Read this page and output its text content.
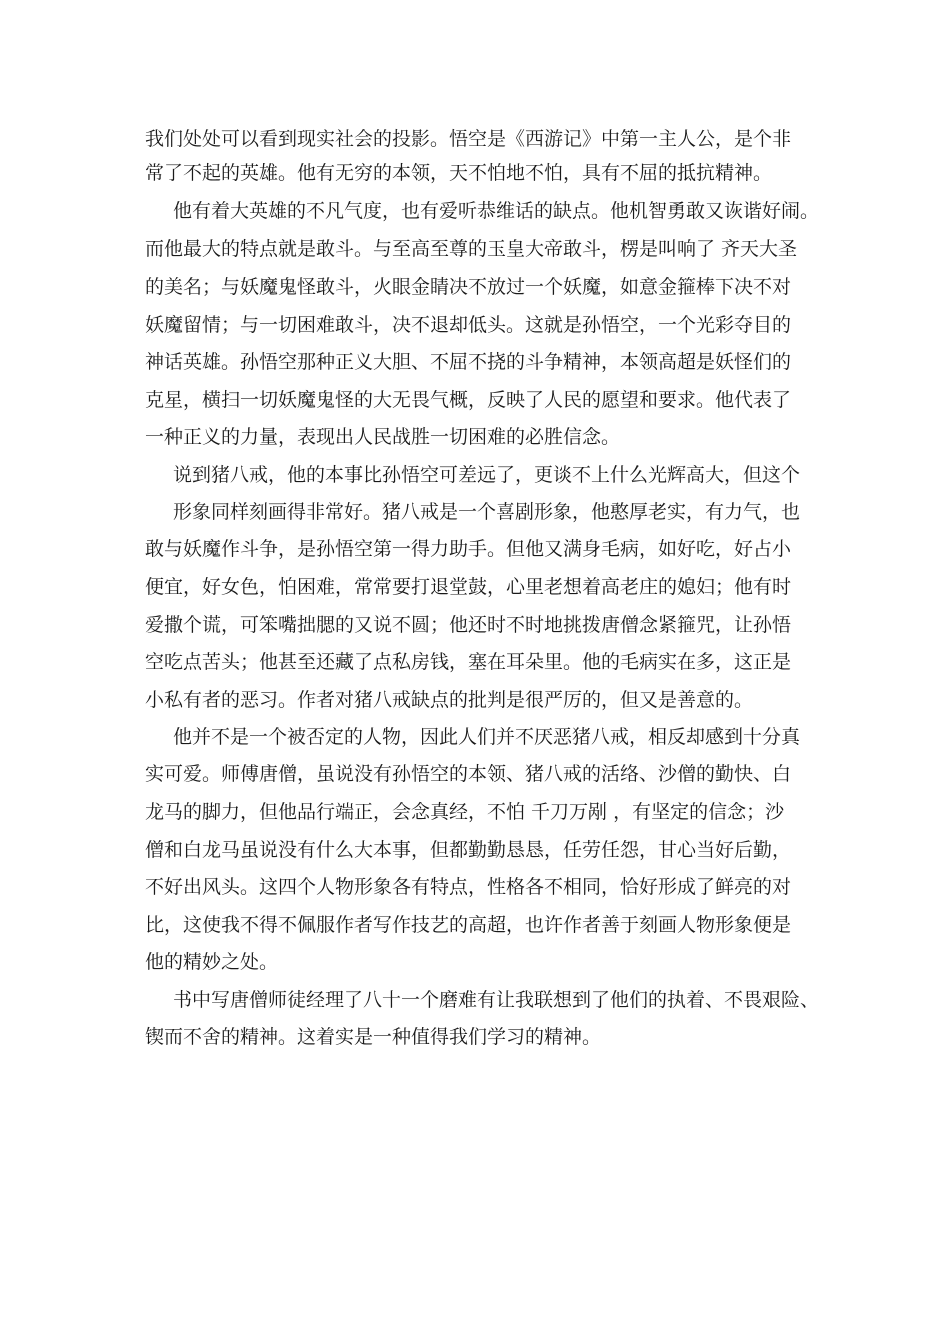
我们处处可以看到现实社会的投影。悟空是《西游记》中第一主人公，是个非
常了不起的英雄。他有无穷的本领，天不怕地不怕，具有不屈的抵抗精神。
他有着大英雄的不凡气度，也有爱听恭维话的缺点。他机智勇敢又诙谐好闹。
而他最大的特点就是敢斗。与至高至尊的玉皇大帝敢斗，楞是叫响了 齐天大圣
的美名；与妖魔鬼怪敢斗，火眼金睛决不放过一个妖魔，如意金箍棒下决不对
妖魔留情；与一切困难敢斗，决不退却低头。这就是孙悟空，一个光彩夺目的
神话英雄。孙悟空那种正义大胆、不屈不挠的斗争精神，本领高超是妖怪们的
克星，横扫一切妖魔鬼怪的大无畏气概，反映了人民的愿望和要求。他代表了
一种正义的力量，表现出人民战胜一切困难的必胜信念。
说到猪八戒，他的本事比孙悟空可差远了，更谈不上什么光辉高大，但这个
形象同样刻画得非常好。猪八戒是一个喜剧形象，他憨厚老实，有力气，也
敢与妖魔作斗争，是孙悟空第一得力助手。但他又满身毛病，如好吃，好占小
便宜，好女色，怕困难，常常要打退堂鼓，心里老想着高老庄的媳妇；他有时
爱撒个谎，可笨嘴拙腮的又说不圆；他还时不时地挑拨唐僧念紧箍咒，让孙悟
空吃点苦头；他甚至还藏了点私房钱，塞在耳朵里。他的毛病实在多，这正是
小私有者的恶习。作者对猪八戒缺点的批判是很严厉的，但又是善意的。
他并不是一个被否定的人物，因此人们并不厌恶猪八戒，相反却感到十分真
实可爱。师傅唐僧，虽说没有孙悟空的本领、猪八戒的活络、沙僧的勤快、白
龙马的脚力，但他品行端正，会念真经，不怕 千刀万剐 ，有坚定的信念；沙
僧和白龙马虽说没有什么大本事，但都勤勤恳恳，任劳任怨，甘心当好后勤，
不好出风头。这四个人物形象各有特点，性格各不相同，恰好形成了鲜亮的对
比，这使我不得不佩服作者写作技艺的高超，也许作者善于刻画人物形象便是
他的精妙之处。
书中写唐僧师徒经理了八十一个磨难有让我联想到了他们的执着、不畏艰险、
锲而不舍的精神。这着实是一种值得我们学习的精神。
